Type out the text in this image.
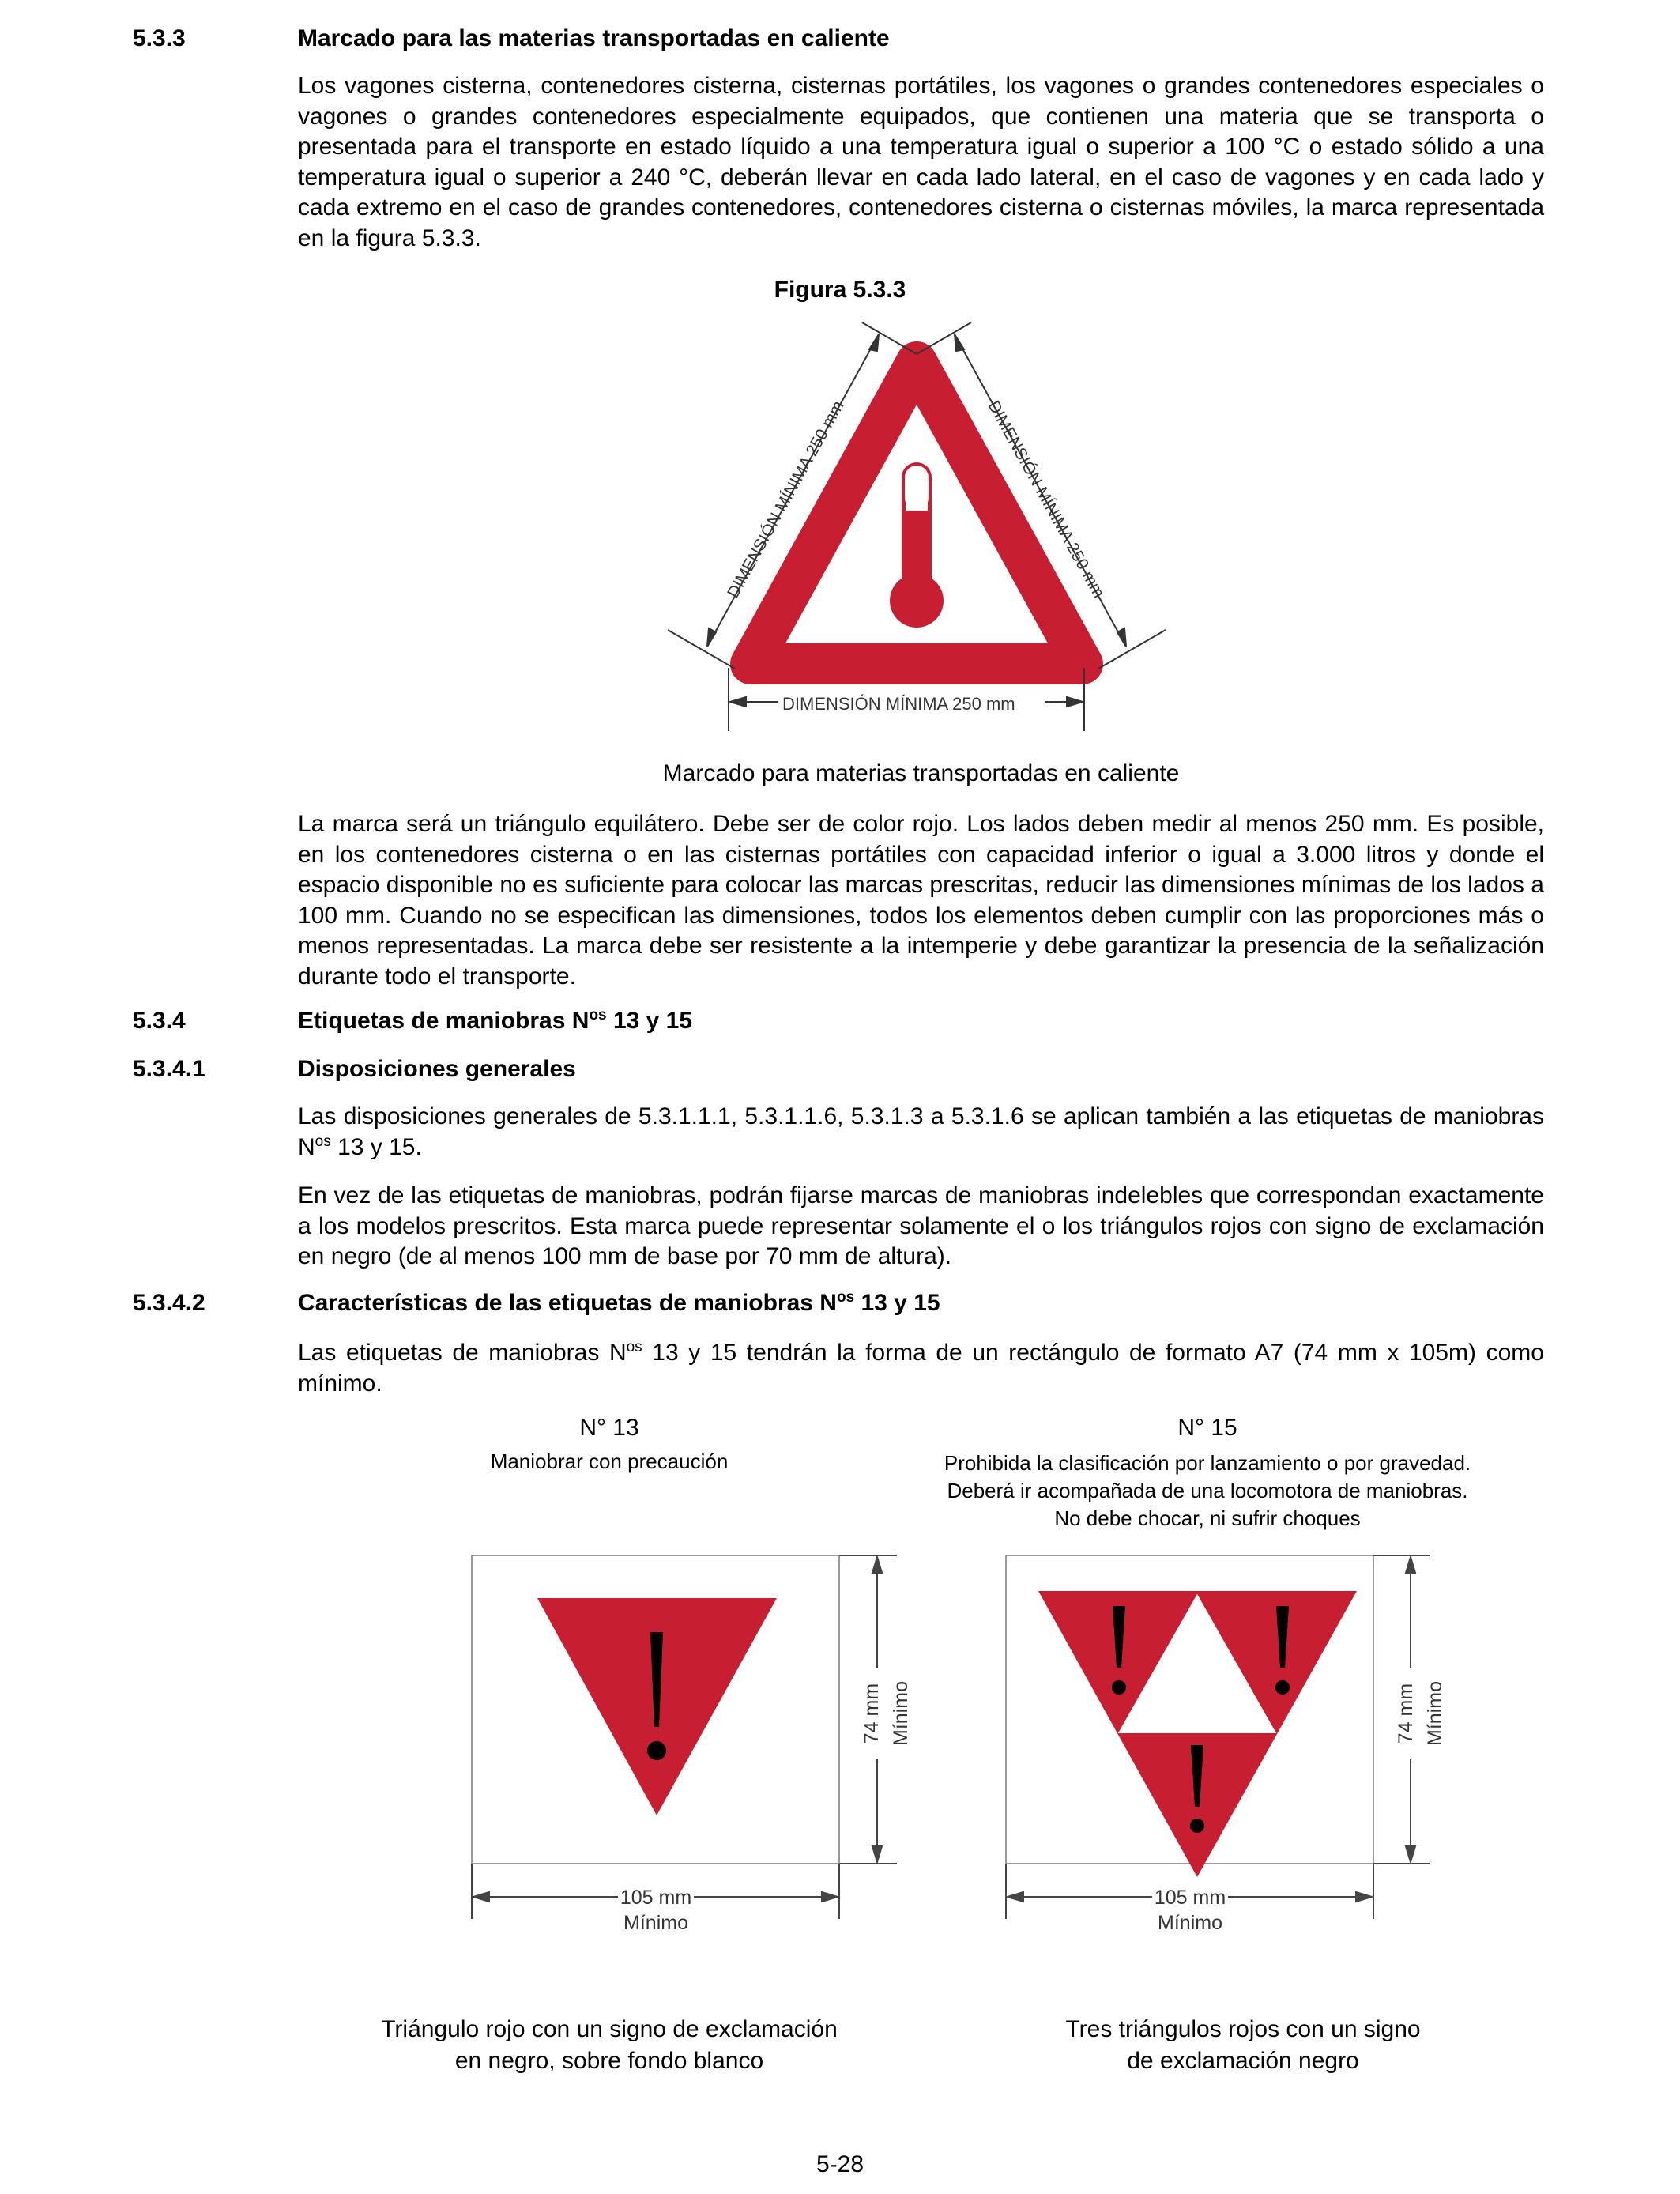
5.3.3	Marcado para las materias transportadas en caliente
Los vagones cisterna, contenedores cisterna, cisternas portátiles, los vagones o grandes contenedores especiales o vagones o grandes contenedores especialmente equipados, que contienen una materia que se transporta o presentada para el transporte en estado líquido a una temperatura igual o superior a 100 °C o estado sólido a una temperatura igual o superior a 240 °C, deberán llevar en cada lado lateral, en el caso de vagones y en cada lado y cada extremo en el caso de grandes contenedores, contenedores cisterna o cisternas móviles, la marca representada en la figura 5.3.3.
Figura 5.3.3
DIMENSIÓN MÍNIMA 250 mm
DIMENSIÓN MÍNIMA 250 mm	DIMENSIÓN MÍNIMA 250 mm
Marcado para materias transportadas en caliente
La marca será un triángulo equilátero. Debe ser de color rojo. Los lados deben medir al menos 250 mm. Es posible, en los contenedores cisterna o en las cisternas portátiles con capacidad inferior o igual a 3.000 litros y donde el espacio disponible no es suficiente para colocar las marcas prescritas, reducir las dimensiones mínimas de los lados a 100 mm. Cuando no se especifican las dimensiones, todos los elementos deben cumplir con las proporciones más o menos representadas. La marca debe ser resistente a la intemperie y debe garantizar la presencia de la señalización durante todo el transporte.
5.3.4	Etiquetas de maniobras $N^{os}$ 13 y 15
5.3.4.1	Disposiciones generales
Las disposiciones generales de 5.3.1.1.1, 5.3.1.1.6, 5.3.1.3 a 5.3.1.6 se aplican también a las etiquetas de maniobras $N^{os}$ 13 y 15.
En vez de las etiquetas de maniobras, podrán fijarse marcas de maniobras indelebles que correspondan exactamente a los modelos prescritos. Esta marca puede representar solamente el o los triángulos rojos con signo de exclamación en negro (de al menos 100 mm de base por 70 mm de altura).
5.3.4.2	Características de las etiquetas de maniobras $N^{os}$ 13 y 15
Las etiquetas de maniobras $N^{os}$ 13 y 15 tendrán la forma de un rectángulo de formato A7 (74 mm x 105m) como mínimo.
N° 13
Maniobrar con precaución
74 mm Mínimo
105 mm
Mínimo
Triángulo rojo con un signo de exclamación
en negro, sobre fondo blanco
N° 15
Prohibida la clasificación por lanzamiento o por gravedad.
Deberá ir acompañada de una locomotora de maniobras.
No debe chocar, ni sufrir choques
74 mm Mínimo
105 mm
Mínimo
Tres triángulos rojos con un signo
de exclamación negro
5-28
